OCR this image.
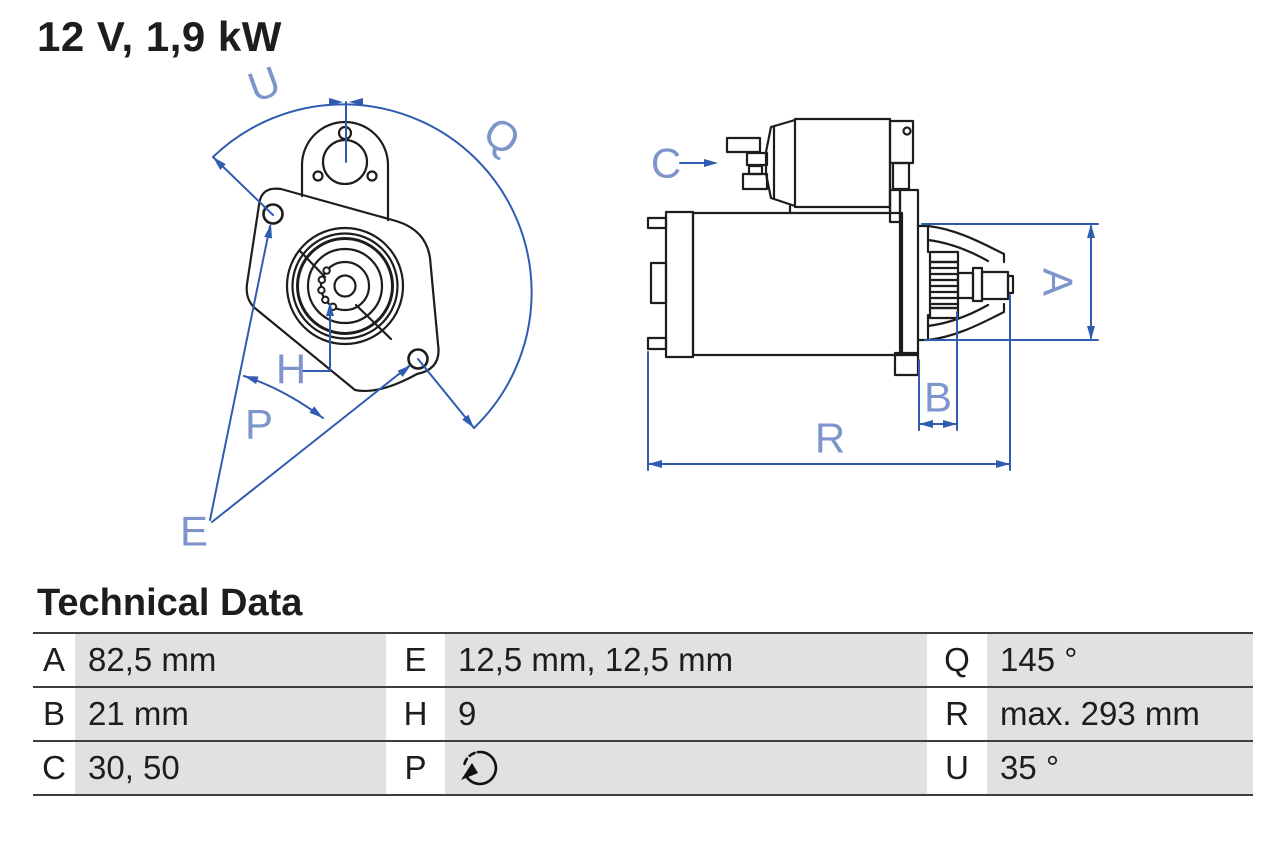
12 V, 1,9 kW
U
Q
H
P
E
C
A
B
R
Technical Data
A 82,5 mm	E 12,5 mm, 12,5 mm	Q 145 °
B 21 mm	H 9	R max. 293 mm
C 30, 50	P	U 35 °
